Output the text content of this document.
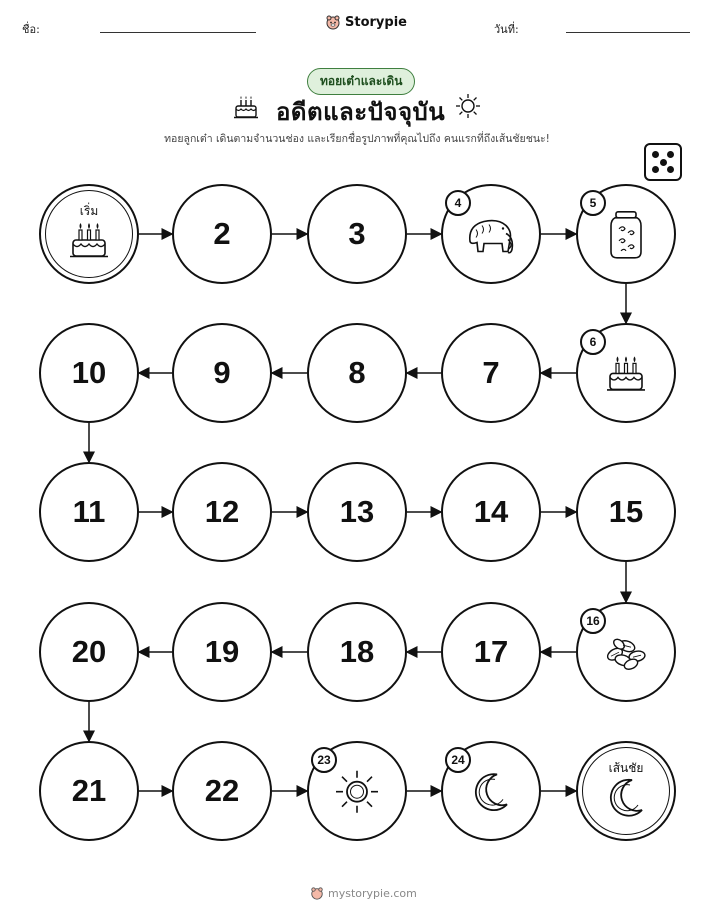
ชื่อ:	Storypie	วันที่:
ทอยเต๋าและเดิน
อดีตและปัจจุบัน
ทอยลูกเต๋า เดินตามจำนวนช่อง และเรียกชื่อรูปภาพที่คุณไปถึง คนแรกที่ถึงเส้นชัยชนะ!
เริ่ม
2	3
4	5
6
7
8
9
10
11	12	13	14	15
16
17
18
19
20
21	22
23	24
เส้นชัย
mystorypie.com
